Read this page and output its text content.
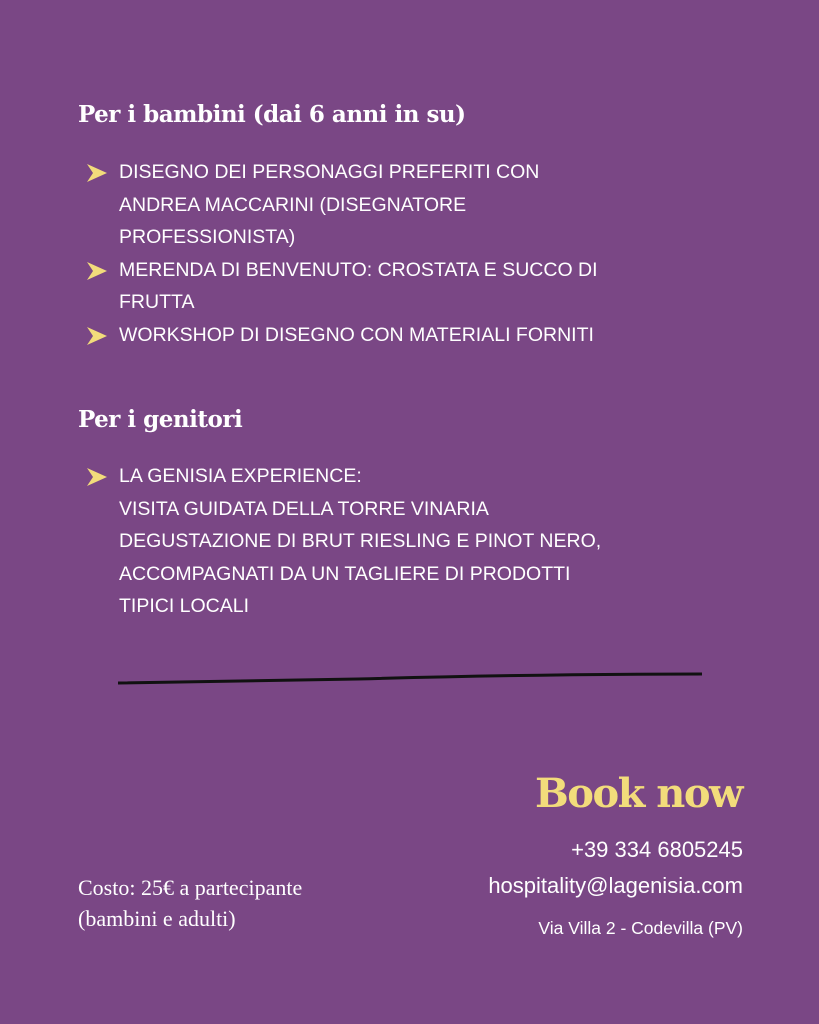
Per i bambini (dai 6 anni in su)
DISEGNO DEI PERSONAGGI PREFERITI CON
ANDREA MACCARINI (DISEGNATORE
PROFESSIONISTA)
MERENDA DI BENVENUTO: CROSTATA E SUCCO DI
FRUTTA
WORKSHOP DI DISEGNO CON MATERIALI FORNITI
Per i genitori
LA GENISIA EXPERIENCE:
VISITA GUIDATA DELLA TORRE VINARIA
DEGUSTAZIONE DI BRUT RIESLING E PINOT NERO,
ACCOMPAGNATI DA UN TAGLIERE DI PRODOTTI
TIPICI LOCALI
Book now
+39 334 6805245
hospitality@lagenisia.com
Via Villa 2 - Codevilla (PV)
Costo: 25€ a partecipante
(bambini e adulti)
